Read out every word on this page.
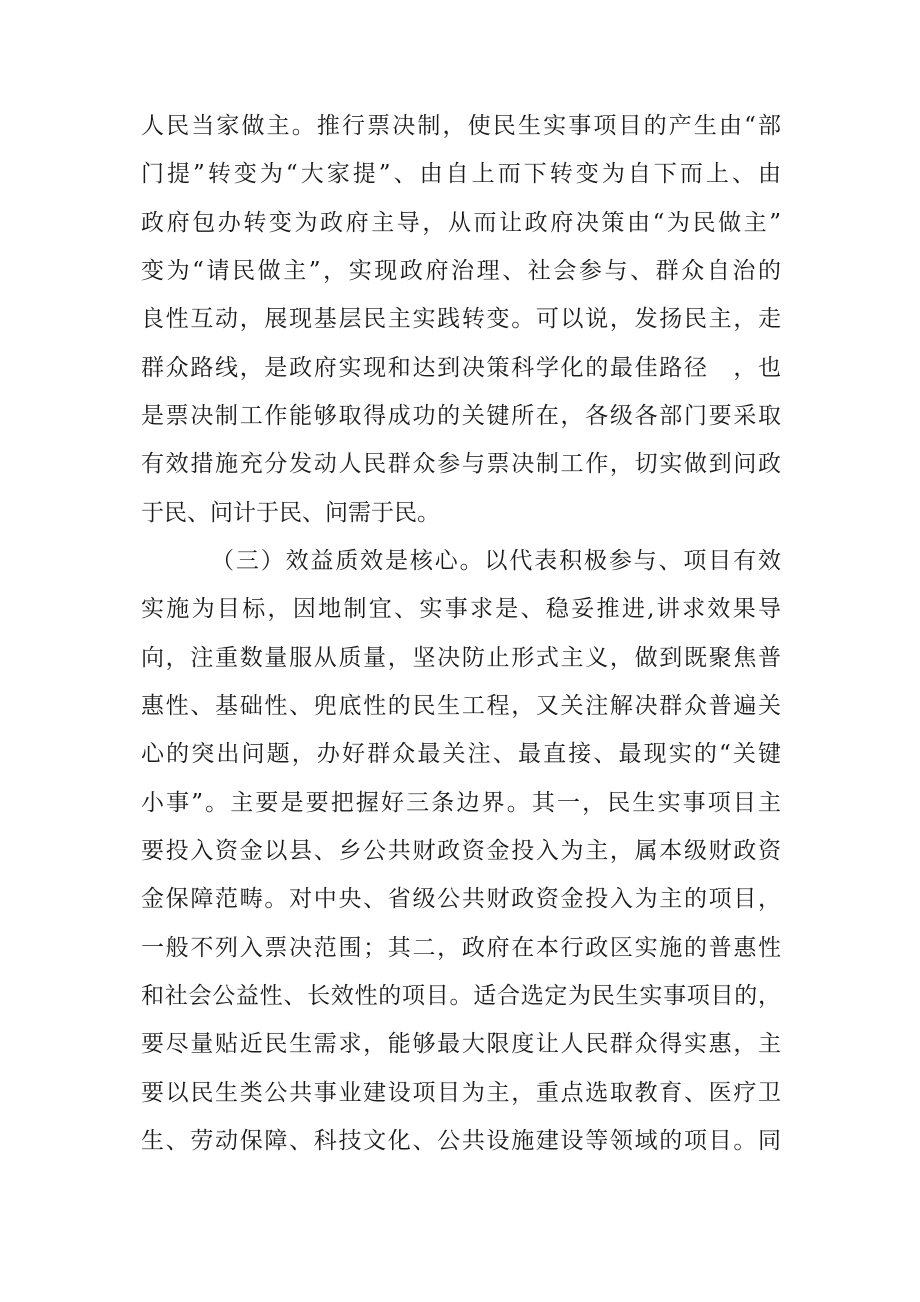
人民当家做主。推行票决制，使民生实事项目的产生由“部
门提”转变为“大家提”、由自上而下转变为自下而上、由
政府包办转变为政府主导，从而让政府决策由“为民做主”
变为“请民做主”，实现政府治理、社会参与、群众自治的
良性互动，展现基层民主实践转变。可以说，发扬民主，走
群众路线，是政府实现和达到决策科学化的最佳路径　，也
是票决制工作能够取得成功的关键所在，各级各部门要采取
有效措施充分发动人民群众参与票决制工作，切实做到问政
于民、问计于民、问需于民。
（三）效益质效是核心。以代表积极参与、项目有效
实施为目标，因地制宜、实事求是、稳妥推进,讲求效果导
向，注重数量服从质量，坚决防止形式主义，做到既聚焦普
惠性、基础性、兜底性的民生工程，又关注解决群众普遍关
心的突出问题，办好群众最关注、最直接、最现实的“关键
小事”。主要是要把握好三条边界。其一，民生实事项目主
要投入资金以县、乡公共财政资金投入为主，属本级财政资
金保障范畴。对中央、省级公共财政资金投入为主的项目，
一般不列入票决范围；其二，政府在本行政区实施的普惠性
和社会公益性、长效性的项目。适合选定为民生实事项目的，
要尽量贴近民生需求，能够最大限度让人民群众得实惠，主
要以民生类公共事业建设项目为主，重点选取教育、医疗卫
生、劳动保障、科技文化、公共设施建设等领域的项目。同
